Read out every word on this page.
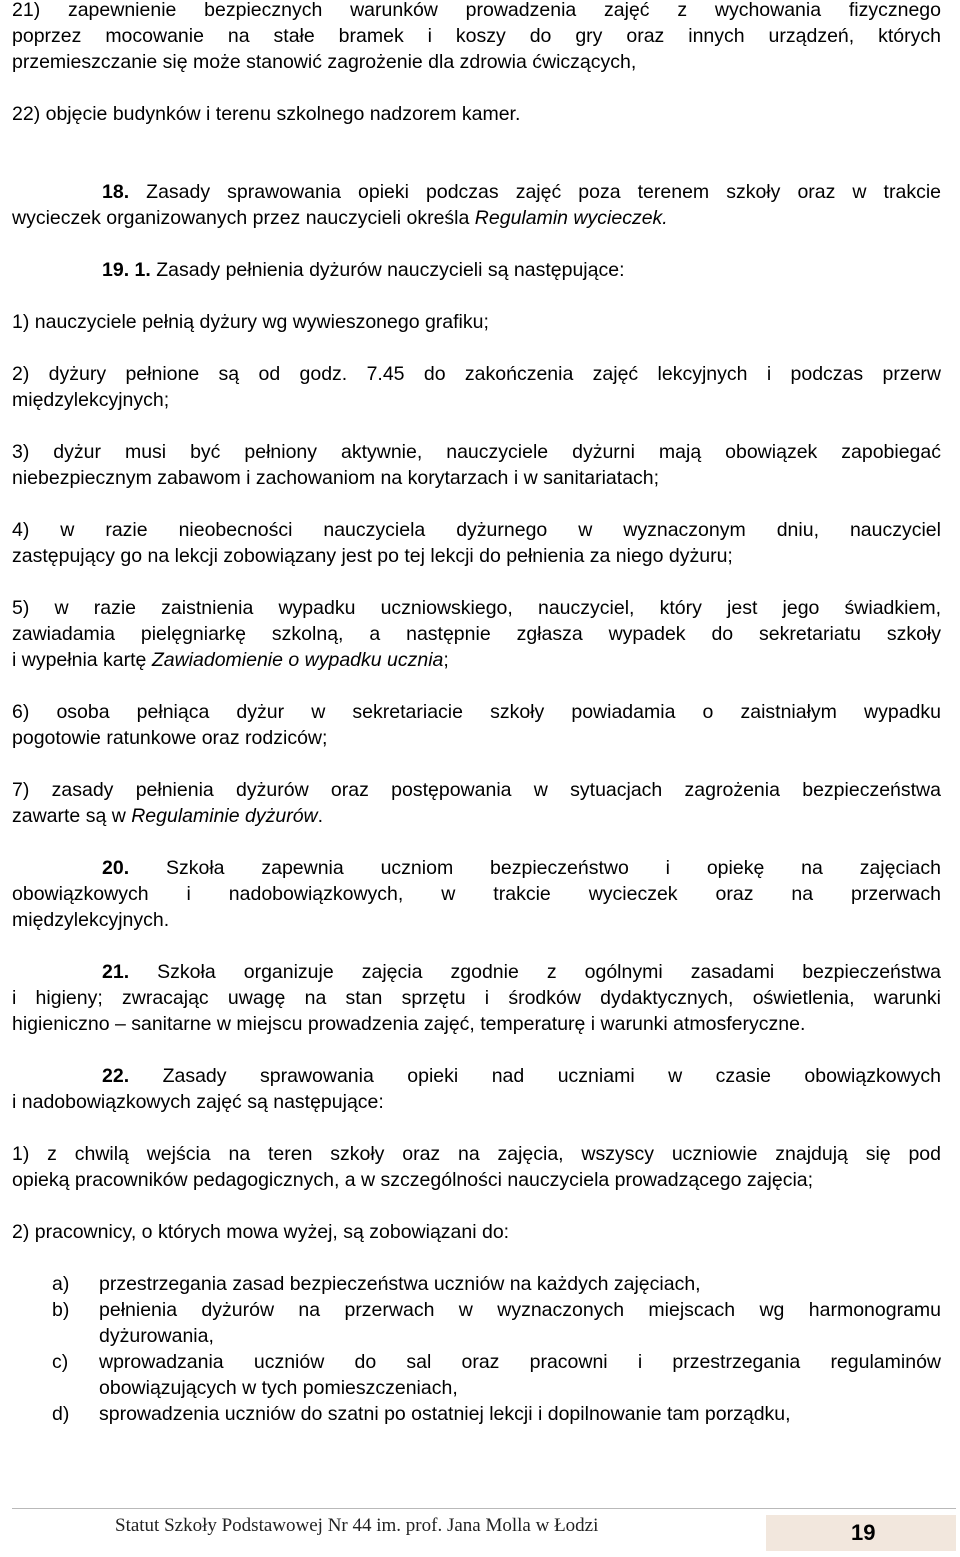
21) zapewnienie bezpiecznych warunków prowadzenia zajęć z wychowania fizycznego

poprzez mocowanie na stałe bramek i koszy do gry oraz innych urządzeń, których

przemieszczanie się może stanowić zagrożenie dla zdrowia ćwiczących,

22) objęcie budynków i terenu szkolnego nadzorem kamer.

18. Zasady sprawowania opieki podczas zajęć poza terenem szkoły oraz w trakcie

wycieczek organizowanych przez nauczycieli określa Regulamin wycieczek.

19. 1. Zasady pełnienia dyżurów nauczycieli są następujące:

1) nauczyciele pełnią dyżury wg wywieszonego grafiku;

2) dyżury pełnione są od godz. 7.45 do zakończenia zajęć lekcyjnych i podczas przerw

międzylekcyjnych;

3) dyżur musi być pełniony aktywnie, nauczyciele dyżurni mają obowiązek zapobiegać

niebezpiecznym zabawom i zachowaniom na korytarzach i w sanitariatach;

4) w razie nieobecności nauczyciela dyżurnego w wyznaczonym dniu, nauczyciel

zastępujący go na lekcji zobowiązany jest po tej lekcji do pełnienia za niego dyżuru;

5) w razie zaistnienia wypadku uczniowskiego, nauczyciel, który jest jego świadkiem,

zawiadamia pielęgniarkę szkolną, a następnie zgłasza wypadek do sekretariatu szkoły

i wypełnia kartę Zawiadomienie o wypadku ucznia;

6) osoba pełniąca dyżur w sekretariacie szkoły powiadamia o zaistniałym wypadku

pogotowie ratunkowe oraz rodziców;

7) zasady pełnienia dyżurów oraz postępowania w sytuacjach zagrożenia bezpieczeństwa

zawarte są w Regulaminie dyżurów.

20. Szkoła zapewnia uczniom bezpieczeństwo i opiekę na zajęciach

obowiązkowych i nadobowiązkowych, w trakcie wycieczek oraz na przerwach

międzylekcyjnych.

21. Szkoła organizuje zajęcia zgodnie z ogólnymi zasadami bezpieczeństwa

i higieny; zwracając uwagę na stan sprzętu i środków dydaktycznych, oświetlenia, warunki

higieniczno – sanitarne w miejscu prowadzenia zajęć, temperaturę i warunki atmosferyczne.

22. Zasady sprawowania opieki nad uczniami w czasie obowiązkowych

i nadobowiązkowych zajęć są następujące:

1) z chwilą wejścia na teren szkoły oraz na zajęcia, wszyscy uczniowie znajdują się pod

opieką pracowników pedagogicznych, a w szczególności nauczyciela prowadzącego zajęcia;

2) pracownicy, o których mowa wyżej, są zobowiązani do:

a) przestrzegania zasad bezpieczeństwa uczniów na każdych zajęciach,
b) pełnienia dyżurów na przerwach w wyznaczonych miejscach wg harmonogramu
dyżurowania,
c) wprowadzania uczniów do sal oraz pracowni i przestrzegania regulaminów
obowiązujących w tych pomieszczeniach,
d) sprowadzenia uczniów do szatni po ostatniej lekcji i dopilnowanie tam porządku,
Statut Szkoły Podstawowej Nr 44 im. prof. Jana Molla w Łodzi	19
